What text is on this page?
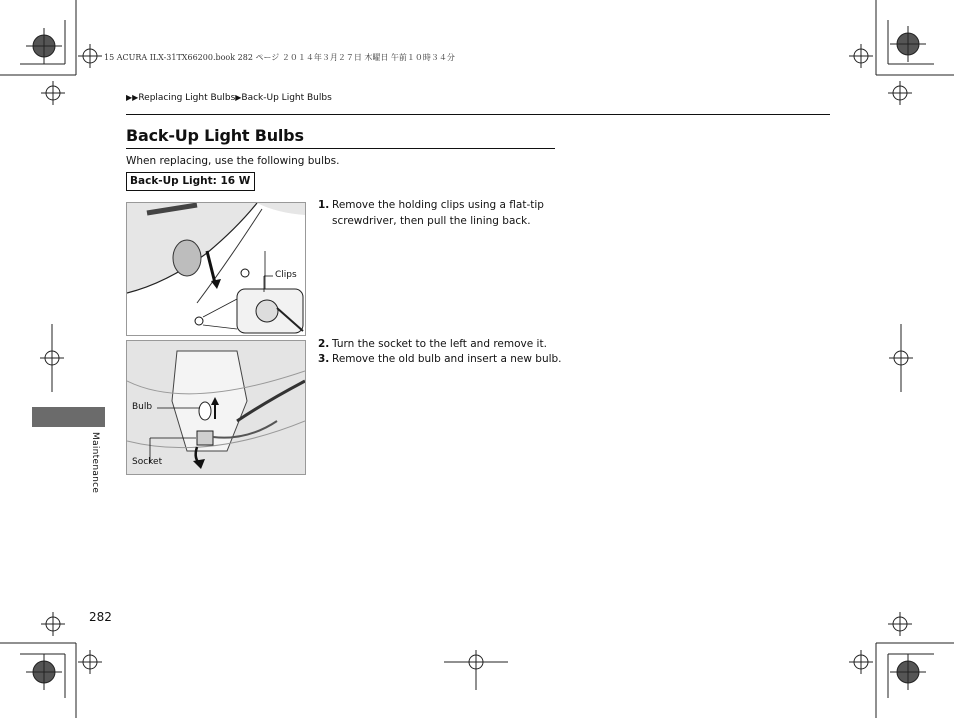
15 ACURA ILX-31TX66200.book 282 ページ ２０１４年３月２７日 木曜日 午前１０時３４分
▶▶Replacing Light Bulbs▶Back-Up Light Bulbs
Back-Up Light Bulbs
When replacing, use the following bulbs.
Back-Up Light: 16 W
Clips
Bulb
Socket
1. Remove the holding clips using a flat-tip
screwdriver, then pull the lining back.
2. Turn the socket to the left and remove it.
3. Remove the old bulb and insert a new bulb.
Maintenance
282
